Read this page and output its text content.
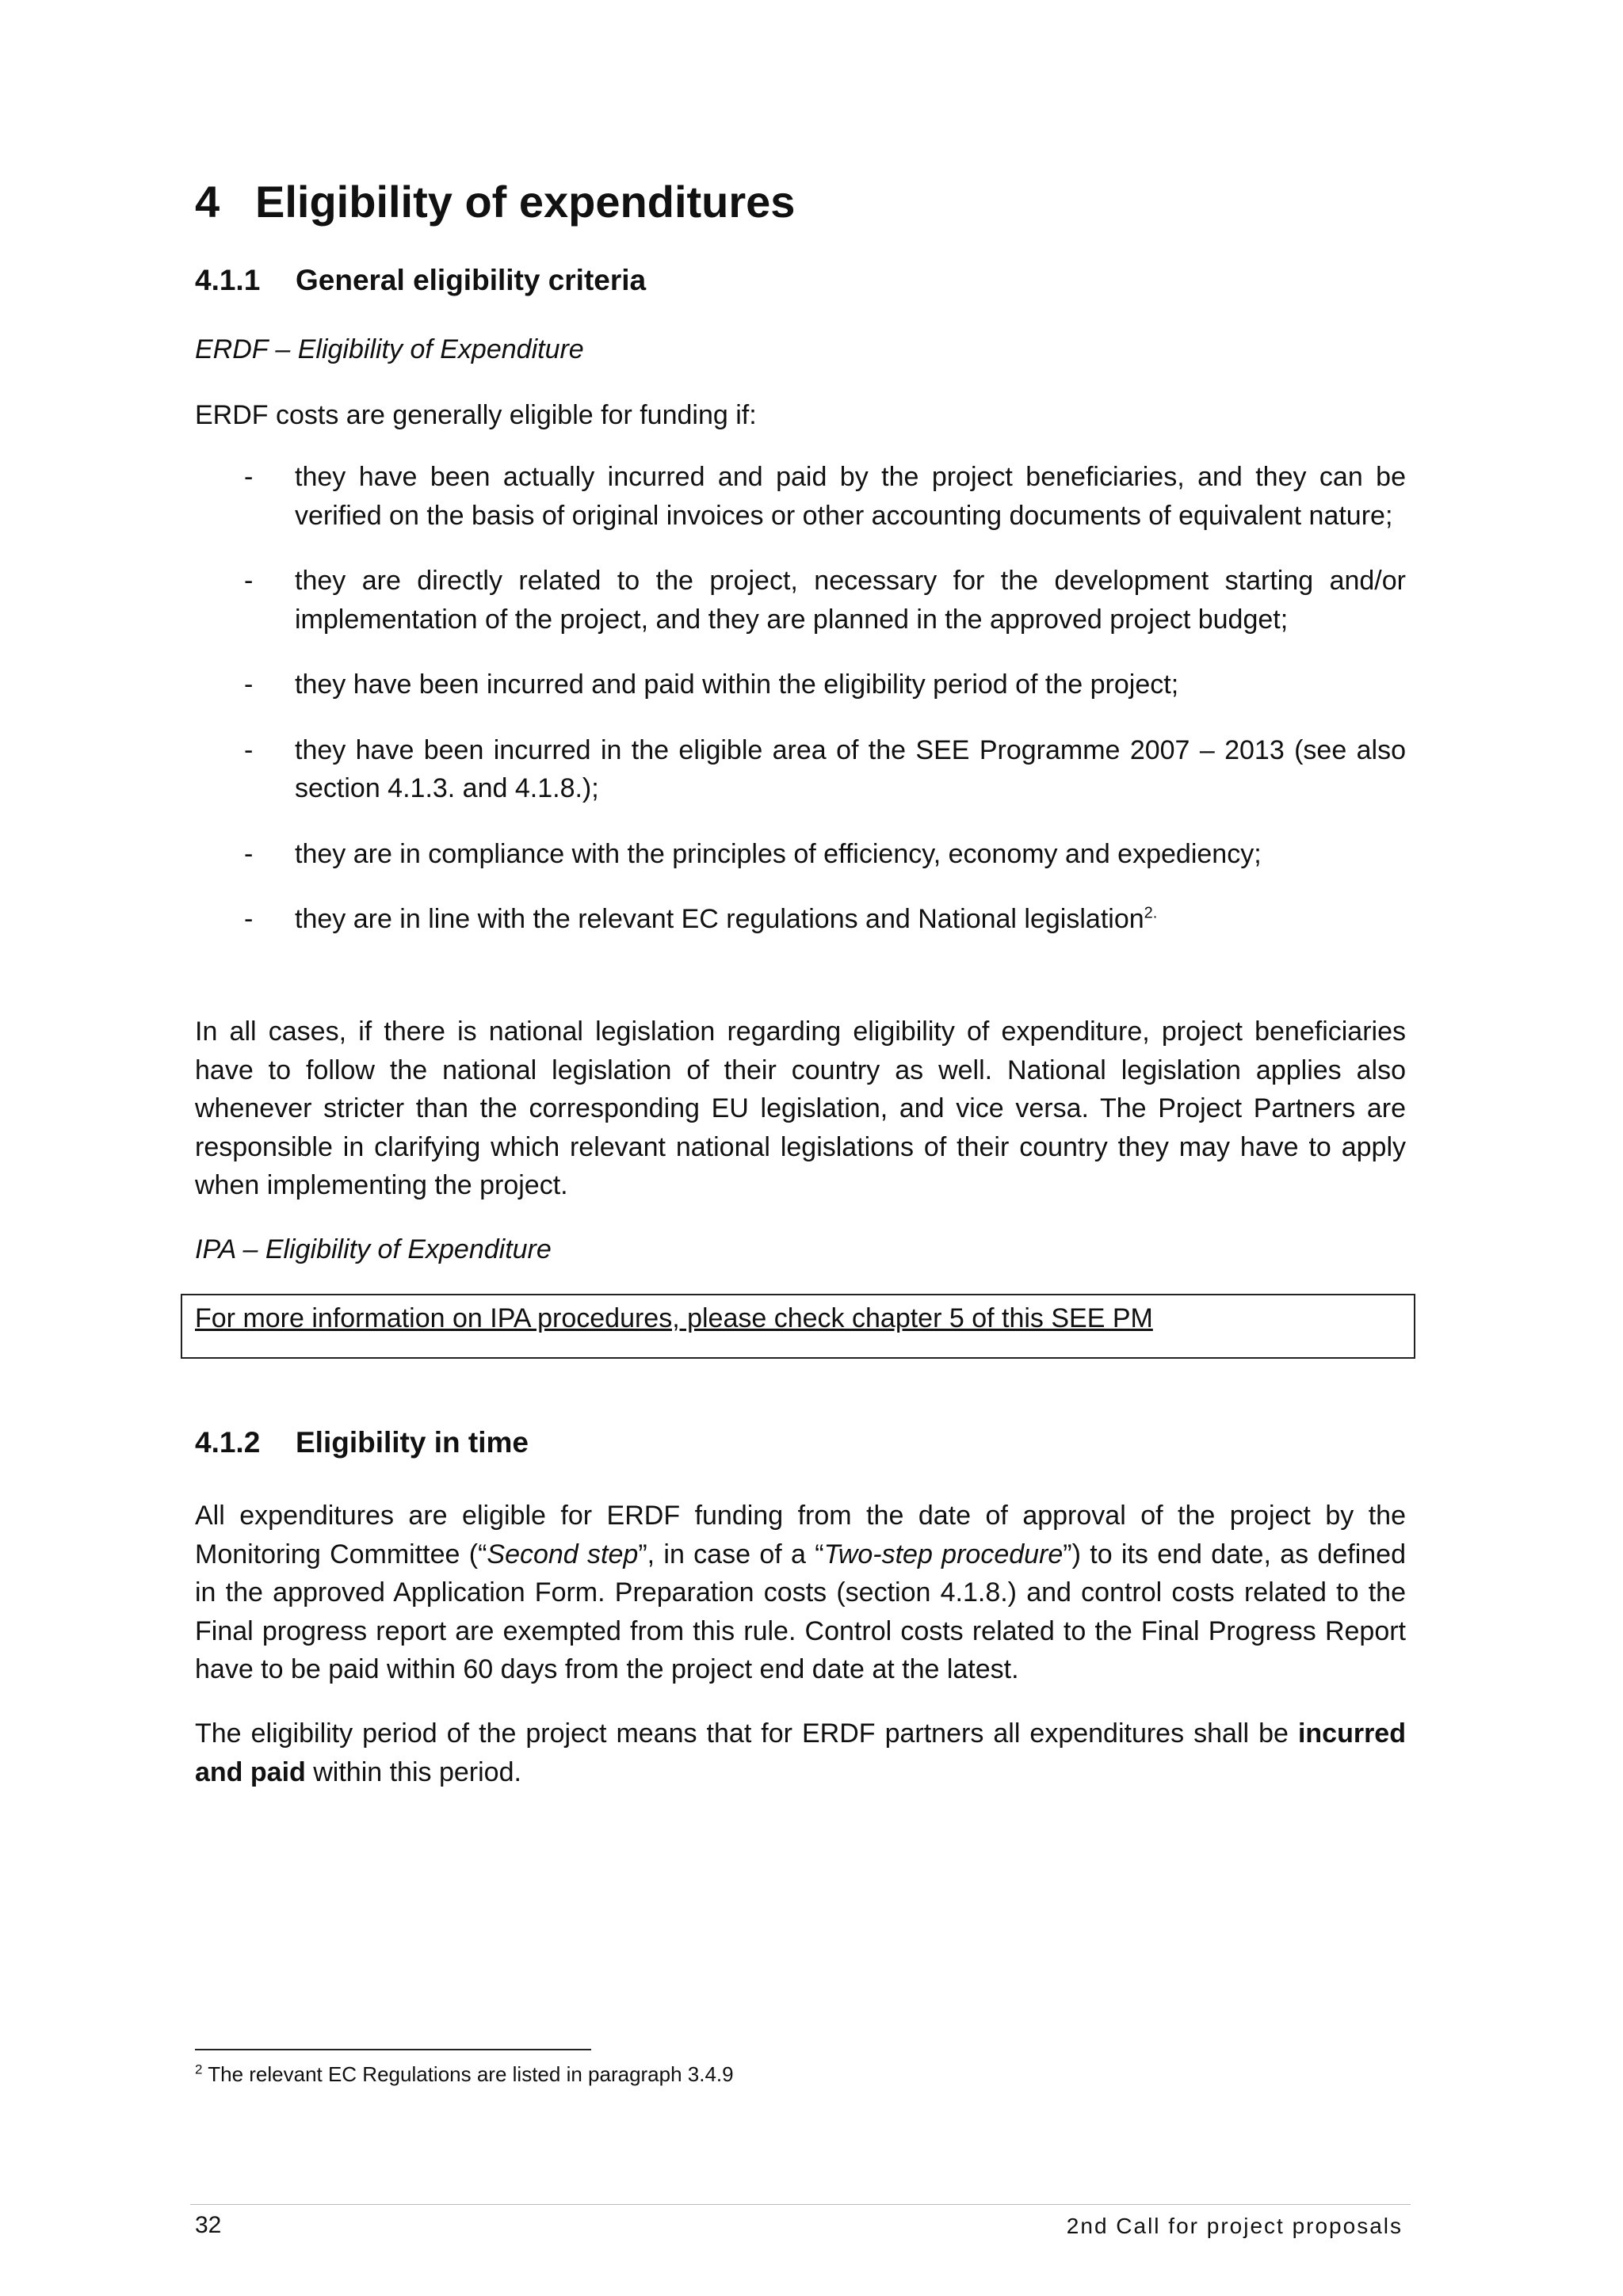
4 Eligibility of expenditures
4.1.1 General eligibility criteria

ERDF – Eligibility of Expenditure

ERDF costs are generally eligible for funding if:

- they have been actually incurred and paid by the project beneficiaries, and they can be verified on the basis of original invoices or other accounting documents of equivalent nature;
- they are directly related to the project, necessary for the development starting and/or implementation of the project, and they are planned in the approved project budget;
- they have been incurred and paid within the eligibility period of the project;
- they have been incurred in the eligible area of the SEE Programme 2007 – 2013 (see also section 4.1.3. and 4.1.8.);
- they are in compliance with the principles of efficiency, economy and expediency;
- they are in line with the relevant EC regulations and National legislation$^{2.}$

In all cases, if there is national legislation regarding eligibility of expenditure, project beneficiaries have to follow the national legislation of their country as well. National legislation applies also whenever stricter than the corresponding EU legislation, and vice versa. The Project Partners are responsible in clarifying which relevant national legislations of their country they may have to apply when implementing the project.

IPA – Eligibility of Expenditure

For more information on IPA procedures, please check chapter 5 of this SEE PM
4.1.2 Eligibility in time

All expenditures are eligible for ERDF funding from the date of approval of the project by the Monitoring Committee (“Second step”, in case of a “Two-step procedure”) to its end date, as defined in the approved Application Form. Preparation costs (section 4.1.8.) and control costs related to the Final progress report are exempted from this rule. Control costs related to the Final Progress Report have to be paid within 60 days from the project end date at the latest.

The eligibility period of the project means that for ERDF partners all expenditures shall be incurred and paid within this period.

$^2$ The relevant EC Regulations are listed in paragraph 3.4.9
32	2nd Call for project proposals
